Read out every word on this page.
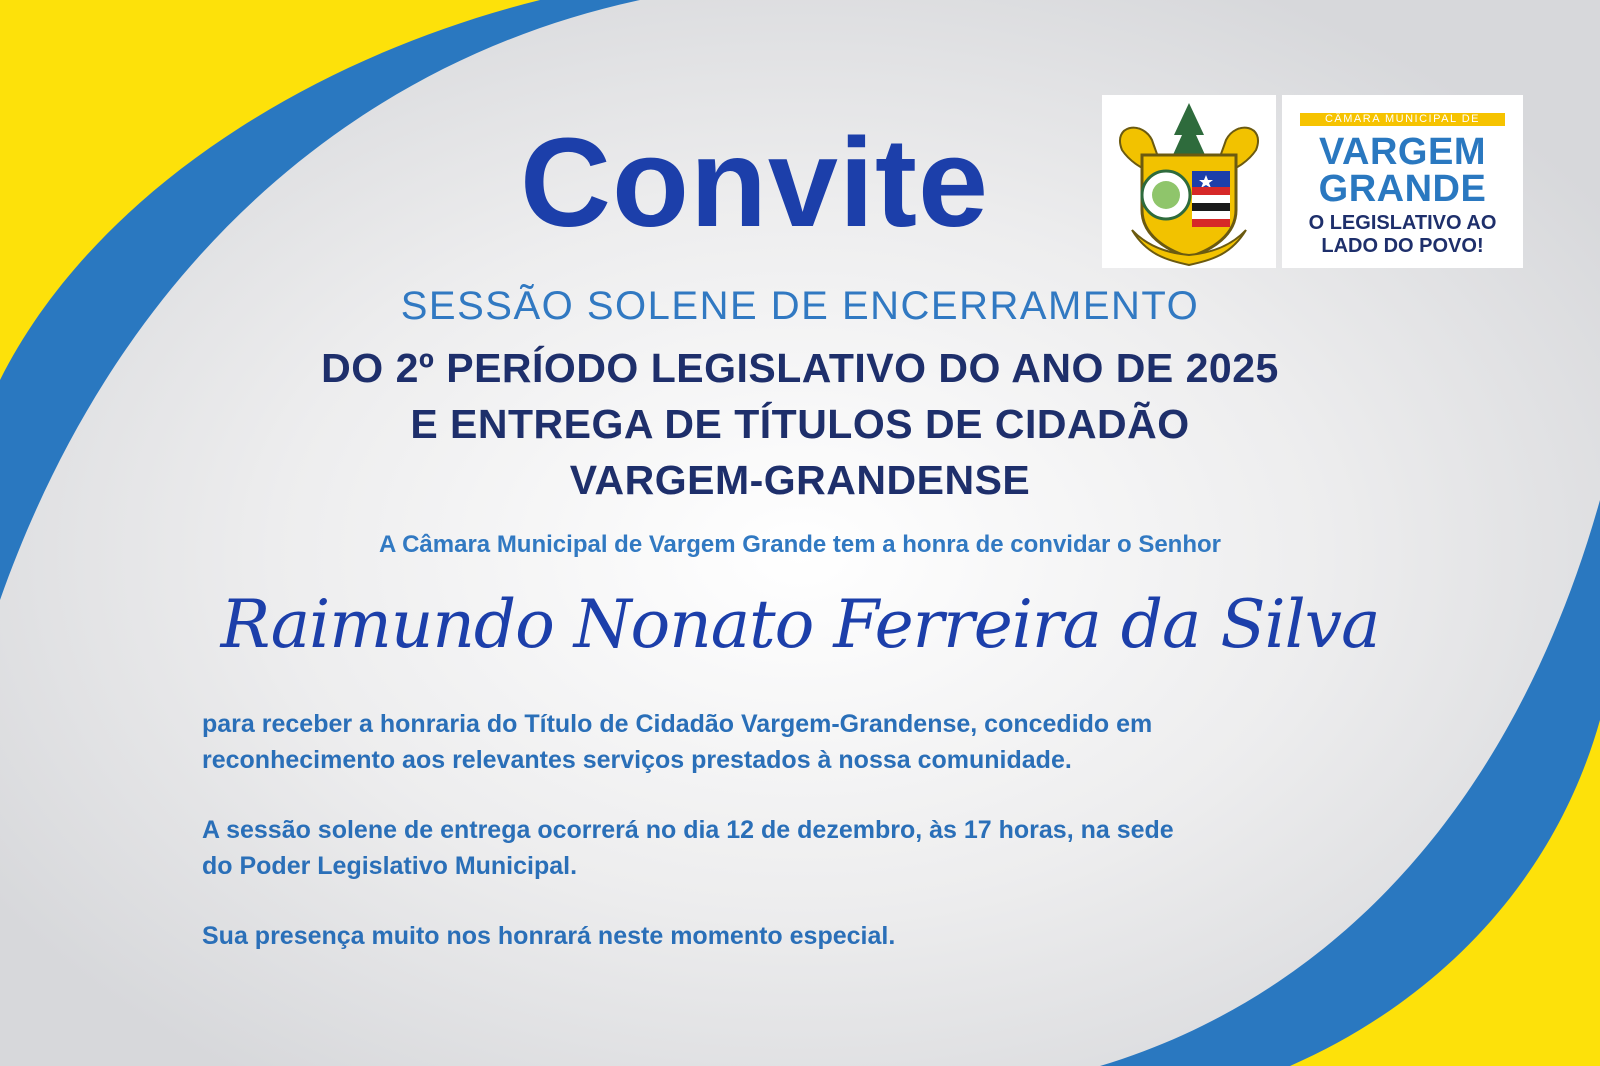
Convite	CÂMARA MUNICIPAL DE
VARGEM
GRANDE
O LEGISLATIVO AO
LADO DO POVO!
SESSÃO SOLENE DE ENCERRAMENTO
DO 2º PERÍODO LEGISLATIVO DO ANO DE 2025
E ENTREGA DE TÍTULOS DE CIDADÃO
VARGEM-GRANDENSE
A Câmara Municipal de Vargem Grande tem a honra de convidar o Senhor
Raimundo Nonato Ferreira da Silva
para receber a honraria do Título de Cidadão Vargem-Grandense, concedido em
reconhecimento aos relevantes serviços prestados à nossa comunidade.
A sessão solene de entrega ocorrerá no dia 12 de dezembro, às 17 horas, na sede
do Poder Legislativo Municipal.
Sua presença muito nos honrará neste momento especial.
